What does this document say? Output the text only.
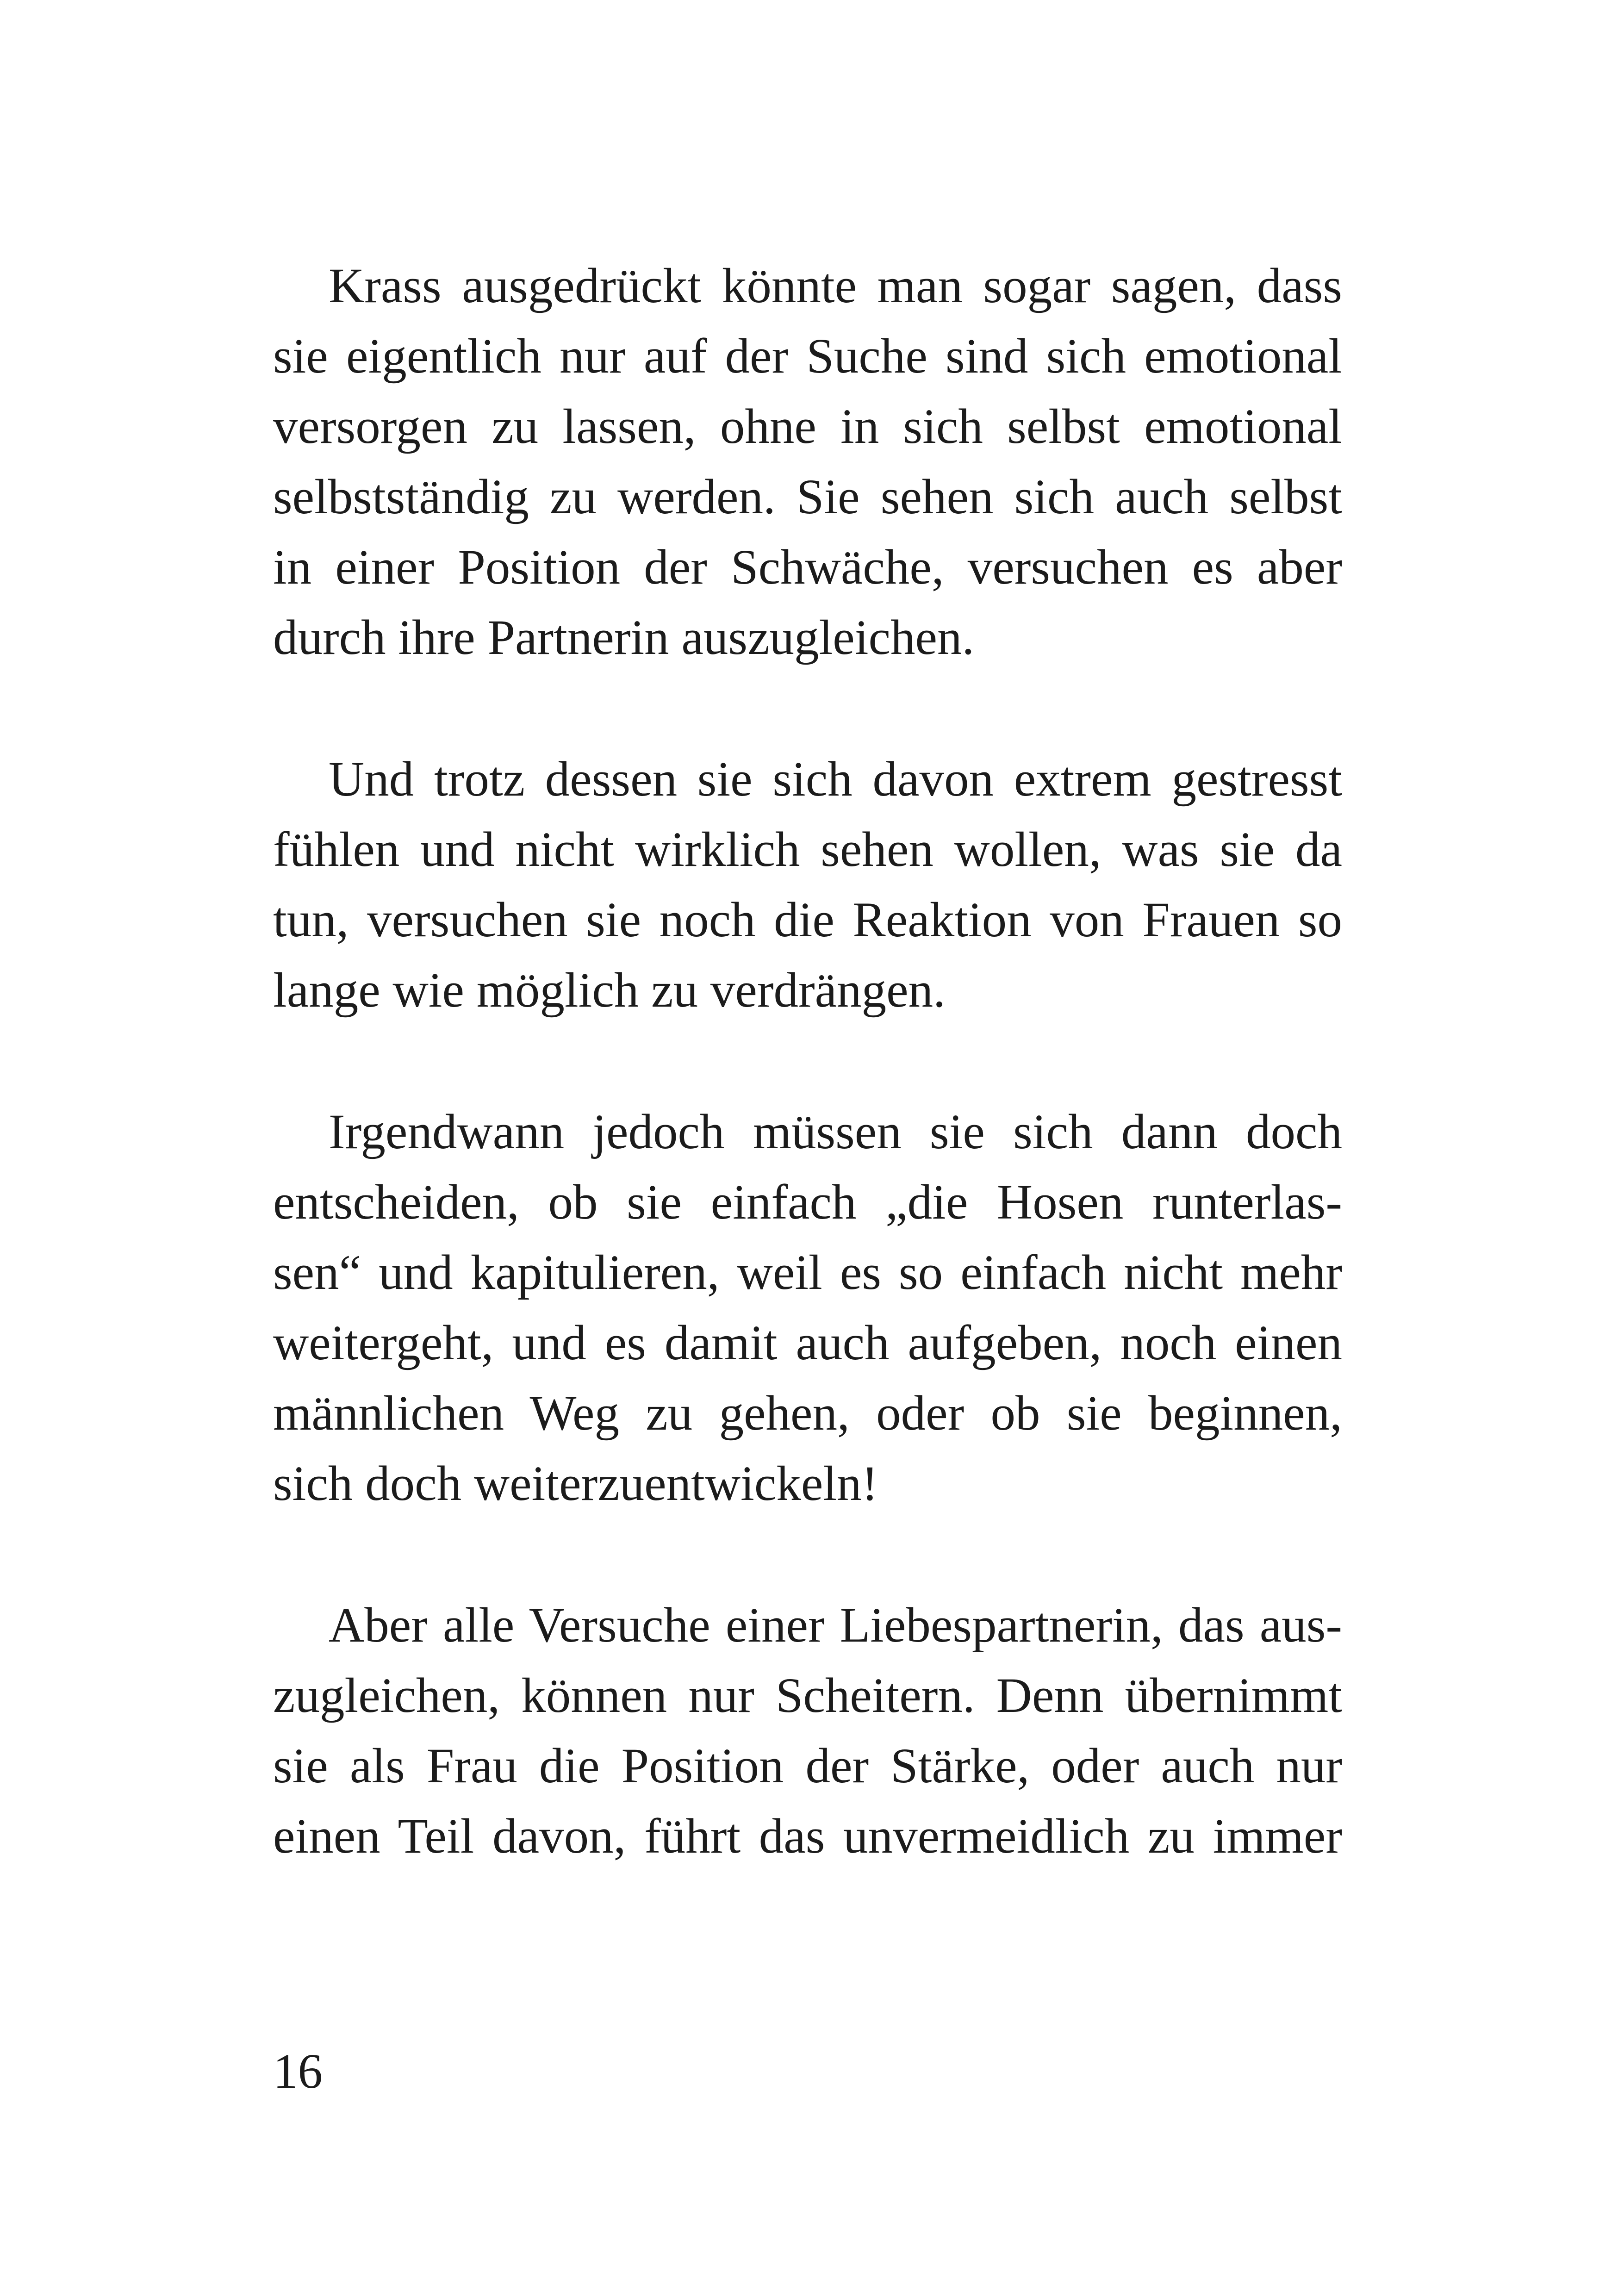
Krass ausgedrückt könnte man sogar sagen, dass
sie eigentlich nur auf der Suche sind sich emotional
versorgen zu lassen, ohne in sich selbst emotional
selbstständig zu werden. Sie sehen sich auch selbst
in einer Position der Schwäche, versuchen es aber
durch ihre Partnerin auszugleichen.

Und trotz dessen sie sich davon extrem gestresst
fühlen und nicht wirklich sehen wollen, was sie da
tun, versuchen sie noch die Reaktion von Frauen so
lange wie möglich zu verdrängen.

Irgendwann jedoch müssen sie sich dann doch
entscheiden, ob sie einfach „die Hosen runterlas-
sen“ und kapitulieren, weil es so einfach nicht mehr
weitergeht, und es damit auch aufgeben, noch einen
männlichen Weg zu gehen, oder ob sie beginnen,
sich doch weiterzuentwickeln!

Aber alle Versuche einer Liebespartnerin, das aus-
zugleichen, können nur Scheitern. Denn übernimmt
sie als Frau die Position der Stärke, oder auch nur
einen Teil davon, führt das unvermeidlich zu immer

16
